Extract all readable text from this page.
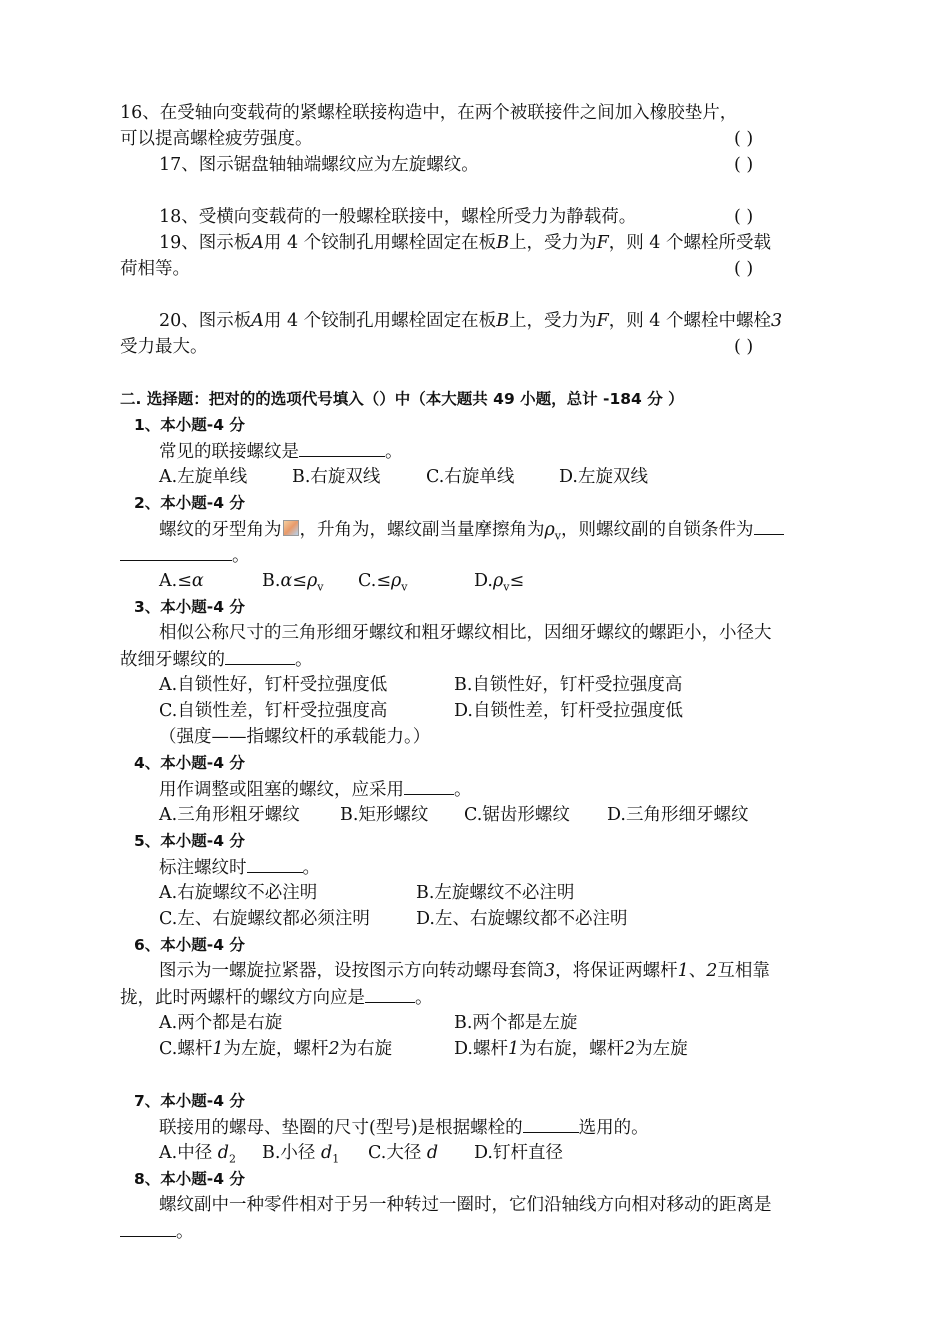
16、在受轴向变载荷的紧螺栓联接构造中，在两个被联接件之间加入橡胶垫片，
可以提高螺栓疲劳强度。	( )
17、图示锯盘轴轴端螺纹应为左旋螺纹。	( )
18、受横向变载荷的一般螺栓联接中，螺栓所受力为静载荷。	( )
19、图示板A用 4 个铰制孔用螺栓固定在板B上，受力为F，则 4 个螺栓所受载
荷相等。	( )
20、图示板A用 4 个铰制孔用螺栓固定在板B上，受力为F，则 4 个螺栓中螺栓3
受力最大。	( )
二. 选择题：把对的的选项代号填入（）中（本大题共 49 小题，总计 -184 分 ）
1、本小题-4 分
常见的联接螺纹是	。
A.左旋单线	B.右旋双线	C.右旋单线	D.左旋双线
2、本小题-4 分
螺纹的牙型角为 ，升角为，螺纹副当量摩擦角为$\rho_v$，则螺纹副的自锁条件为
。
A.≤α	$B.\alpha\le\rho_v$ $C.\le\rho_v$	$D.\rho_v\le$
3、本小题-4 分
相似公称尺寸的三角形细牙螺纹和粗牙螺纹相比，因细牙螺纹的螺距小，小径大
故细牙螺纹的	。
A.自锁性好，钉杆受拉强度低	B.自锁性好，钉杆受拉强度高
C.自锁性差，钉杆受拉强度高	D.自锁性差，钉杆受拉强度低
（强度——指螺纹杆的承载能力。）
4、本小题-4 分
用作调整或阻塞的螺纹，应采用	。
A.三角形粗牙螺纹 B.矩形螺纹 C.锯齿形螺纹 D.三角形细牙螺纹
5、本小题-4 分
标注螺纹时	。
A.右旋螺纹不必注明	B.左旋螺纹不必注明
C.左、右旋螺纹都必须注明	D.左、右旋螺纹都不必注明
6、本小题-4 分
图示为一螺旋拉紧器，设按图示方向转动螺母套筒3，将保证两螺杆1、2互相靠
拢，此时两螺杆的螺纹方向应是	。
A.两个都是右旋	B.两个都是左旋
C.螺杆1为左旋，螺杆2为右旋	D.螺杆1为右旋，螺杆2为左旋
7、本小题-4 分
联接用的螺母、垫圈的尺寸(型号)是根据螺栓的	选用的。
A.中径 $d_2$ B.小径 $d_1$ C.大径 d D.钉杆直径
8、本小题-4 分
螺纹副中一种零件相对于另一种转过一圈时，它们沿轴线方向相对移动的距离是
。
